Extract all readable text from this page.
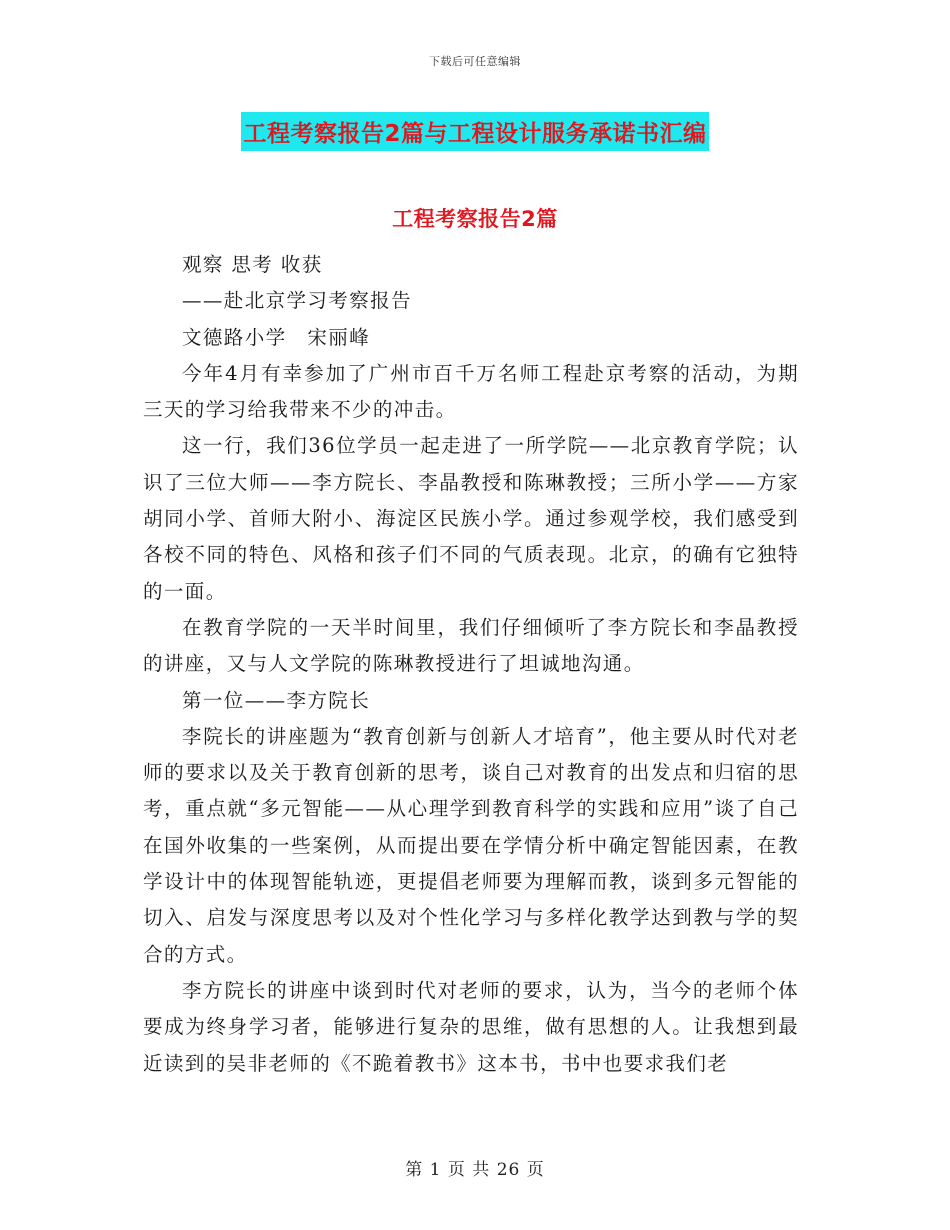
下载后可任意编辑
工程考察报告2篇与工程设计服务承诺书汇编
工程考察报告2篇

观察 思考 收获

——赴北京学习考察报告

文德路小学　宋丽峰

今年4月有幸参加了广州市百千万名师工程赴京考察的活动，为期三天的学习给我带来不少的冲击。

这一行，我们36位学员一起走进了一所学院——北京教育学院；认识了三位大师——李方院长、李晶教授和陈琳教授；三所小学——方家胡同小学、首师大附小、海淀区民族小学。通过参观学校，我们感受到各校不同的特色、风格和孩子们不同的气质表现。北京，的确有它独特的一面。

在教育学院的一天半时间里，我们仔细倾听了李方院长和李晶教授的讲座，又与人文学院的陈琳教授进行了坦诚地沟通。

第一位——李方院长

李院长的讲座题为“教育创新与创新人才培育”，他主要从时代对老师的要求以及关于教育创新的思考，谈自己对教育的出发点和归宿的思考，重点就“多元智能——从心理学到教育科学的实践和应用”谈了自己在国外收集的一些案例，从而提出要在学情分析中确定智能因素，在教学设计中的体现智能轨迹，更提倡老师要为理解而教，谈到多元智能的切入、启发与深度思考以及对个性化学习与多样化教学达到教与学的契合的方式。

李方院长的讲座中谈到时代对老师的要求，认为，当今的老师个体要成为终身学习者，能够进行复杂的思维，做有思想的人。让我想到最近读到的吴非老师的《不跪着教书》这本书，书中也要求我们老

第 1 页 共 26 页
